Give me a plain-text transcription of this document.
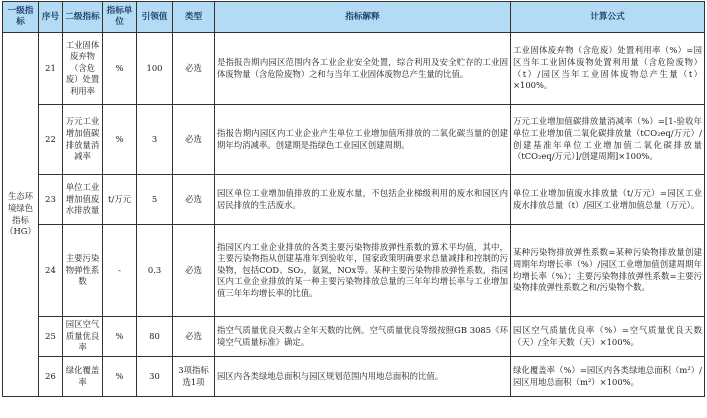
一级指标	序号	二级指标	指标单位	引领值	类型	指标解释	计算公式
生态环境绿色指标（HG）	21	工业固体废弃物（含危废）处置利用率	%	100	必选	是指报告期内园区范围内各工业企业安全处置，综合利用及安全贮存的工业固体废物量（含危险废物）之和与当年工业固体废物总产生量的比值。	工业固体废弃物（含危废）处置利用率（%）=园区当年工业固体废物处置利用量（含危险废物）（t）/园区当年工业固体废物总产生量（t）×100%。
	22	万元工业增加值碳排放量消减率	%	3	必选	指报告期内园区内工业企业产生单位工业增加值所排放的二氧化碳当量的创建期年均消减率。创建期是指绿色工业园区创建周期。	万元工业增加值碳排放量消减率（%）=[1-验收年单位工业增加值二氧化碳排放量（tCO₂eq/万元）/创建基准年单位工业增加值二氧化碳排放量（tCO₂eq/万元）]/创建周期]×100%。
	23	单位工业增加值废水排放量	t/万元	5	必选	园区单位工业增加值排放的工业废水量，不包括企业梯级利用的废水和园区内居民排放的生活废水。	单位工业增加值废水排放量（t/万元）=园区工业废水排放总量（t）/园区工业增加值总量（万元）。
	24	主要污染物弹性系数	-	0.3	必选	指园区内工业企业排放的各类主要污染物排放弹性系数的算术平均值，其中，主要污染物指从创建基准年到验收年，国家政策明确要求总量减排和控制的污染物，包括COD、SO₂，氨氮，NOx等。某种主要污染物排放弹性系数，指园区内工业企业排放的某一种主要污染物排放总量的三年年均增长率与工业增加值三年年均增长率的比值。	某种污染物排放弹性系数=某种污染物排放量创建周期年均增长率（%）/园区工业增加值创建周期年均增长率（%）；主要污染物排放弹性系数=主要污染物排放弹性系数之和/污染物个数。
	25	园区空气质量优良率	%	80	必选	指空气质量优良天数占全年天数的比例。空气质量优良等级按照GB 3085《环境空气质量标准》确定。	园区空气质量优良率（%）=空气质量优良天数（天）/全年天数（天）×100%。
	26	绿化覆盖率	%	30	3项指标选1项	园区内各类绿地总面积与园区规划范围内用地总面积的比值。	绿化覆盖率（%）=园区内各类绿地总面积（m²）/园区用地总面积（m²）×100%。
